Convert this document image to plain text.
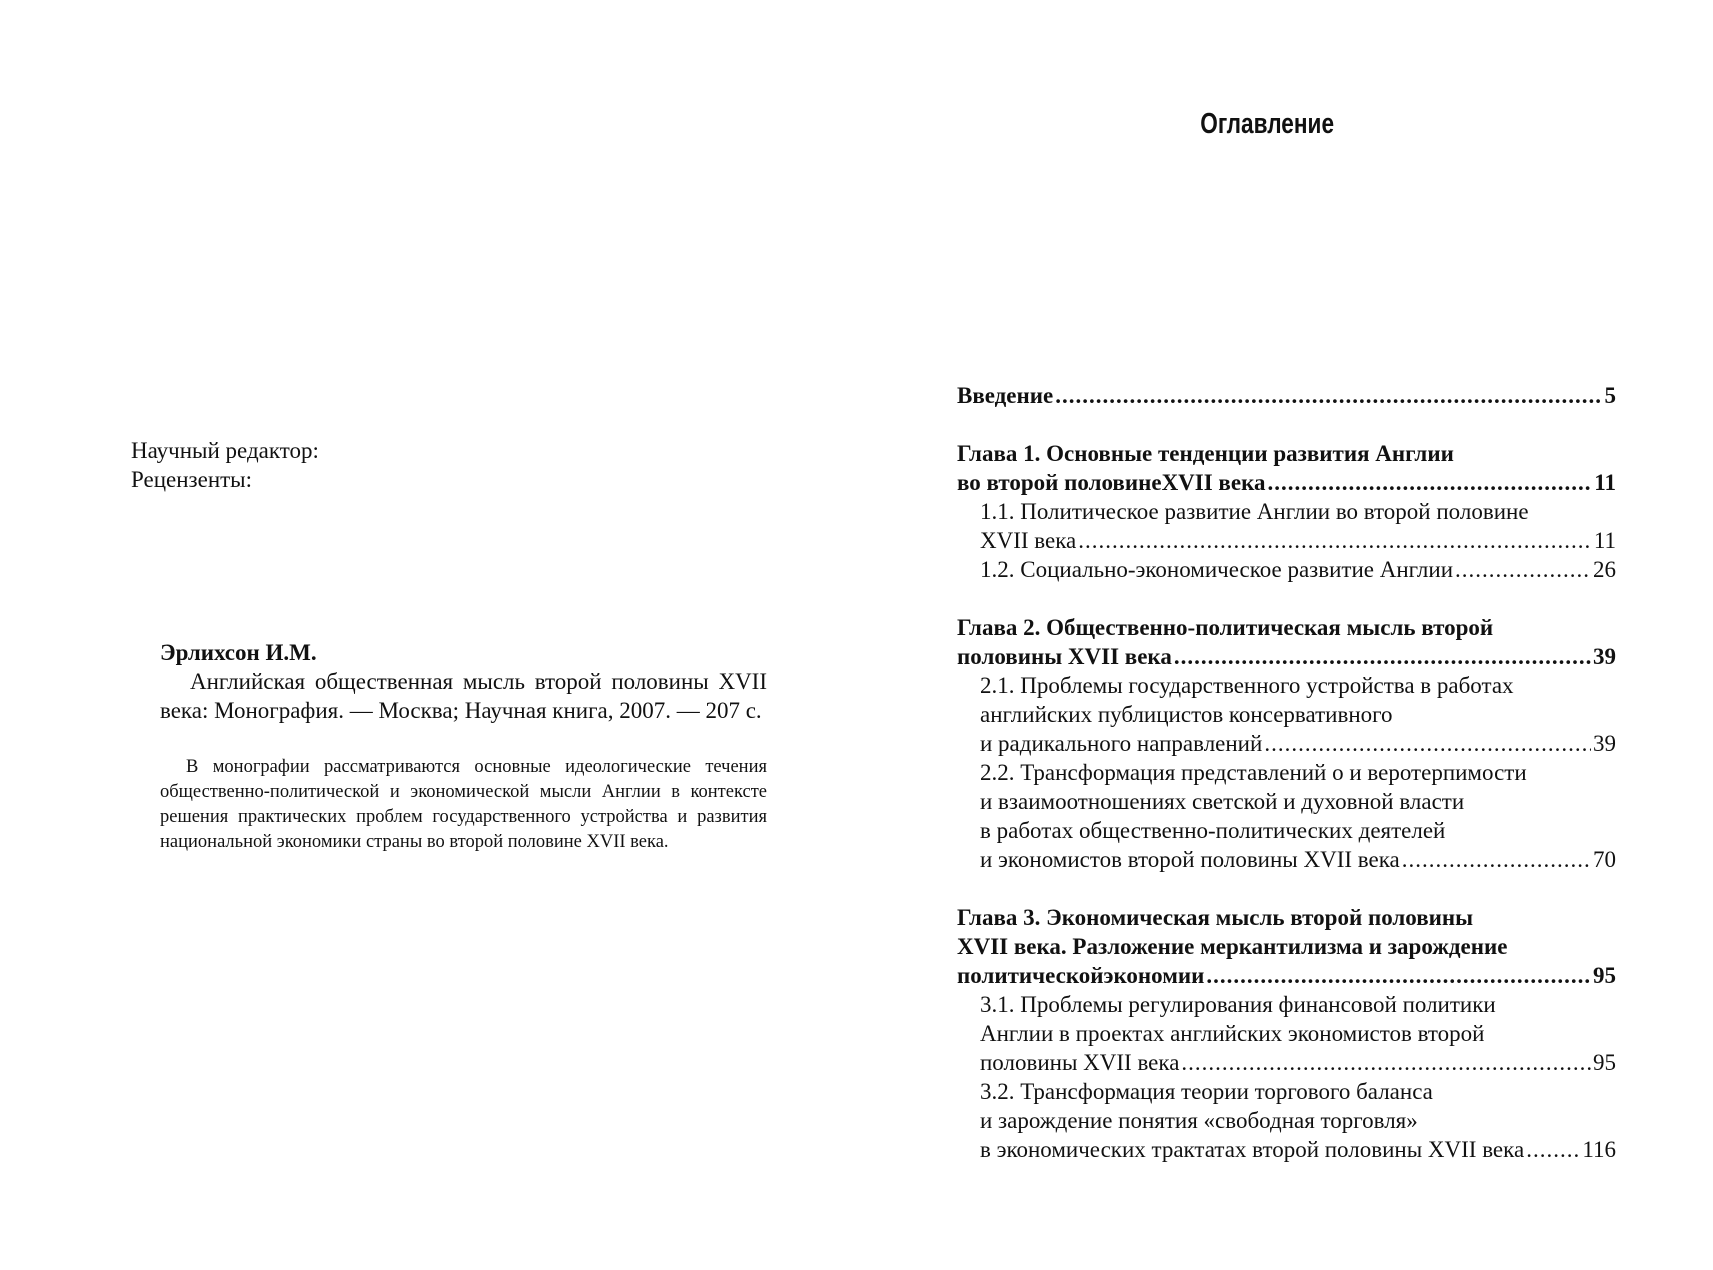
Научный редактор:
Рецензенты:
Эрлихсон И.М.

Английская общественная мысль второй половины XVII века: Монография. — Москва; Научная книга, 2007. — 207 с.

В монографии рассматриваются основные идеологические течения общественно-политической и экономической мысли Англии в контексте решения практических проблем государственного устройства и развития национальной экономики страны во второй половине XVII века.

Оглавление
Введение .....	5
Глава 1. Основные тенденции развития Англии
во второй половинеXVII века .....	11
1.1. Политическое развитие Англии во второй половине
XVII века .....	11
1.2. Социально-экономическое развитие Англии .....	26
Глава 2. Общественно-политическая мысль второй
половины XVII века .....	39
2.1. Проблемы государственного устройства в работах
английских публицистов консервативного
и радикального направлений .....	39
2.2. Трансформация представлений о и веротерпимости
и взаимоотношениях светской и духовной власти
в работах общественно-политических деятелей
и экономистов второй половины XVII века .....	70
Глава 3. Экономическая мысль второй половины
XVII века. Разложение меркантилизма и зарождение
политическойэкономии .....	95
3.1. Проблемы регулирования финансовой политики
Англии в проектах английских экономистов второй
половины XVII века .....	95
3.2. Трансформация теории торгового баланса
и зарождение понятия «свободная торговля»
в экономических трактатах второй половины XVII века .....	116
